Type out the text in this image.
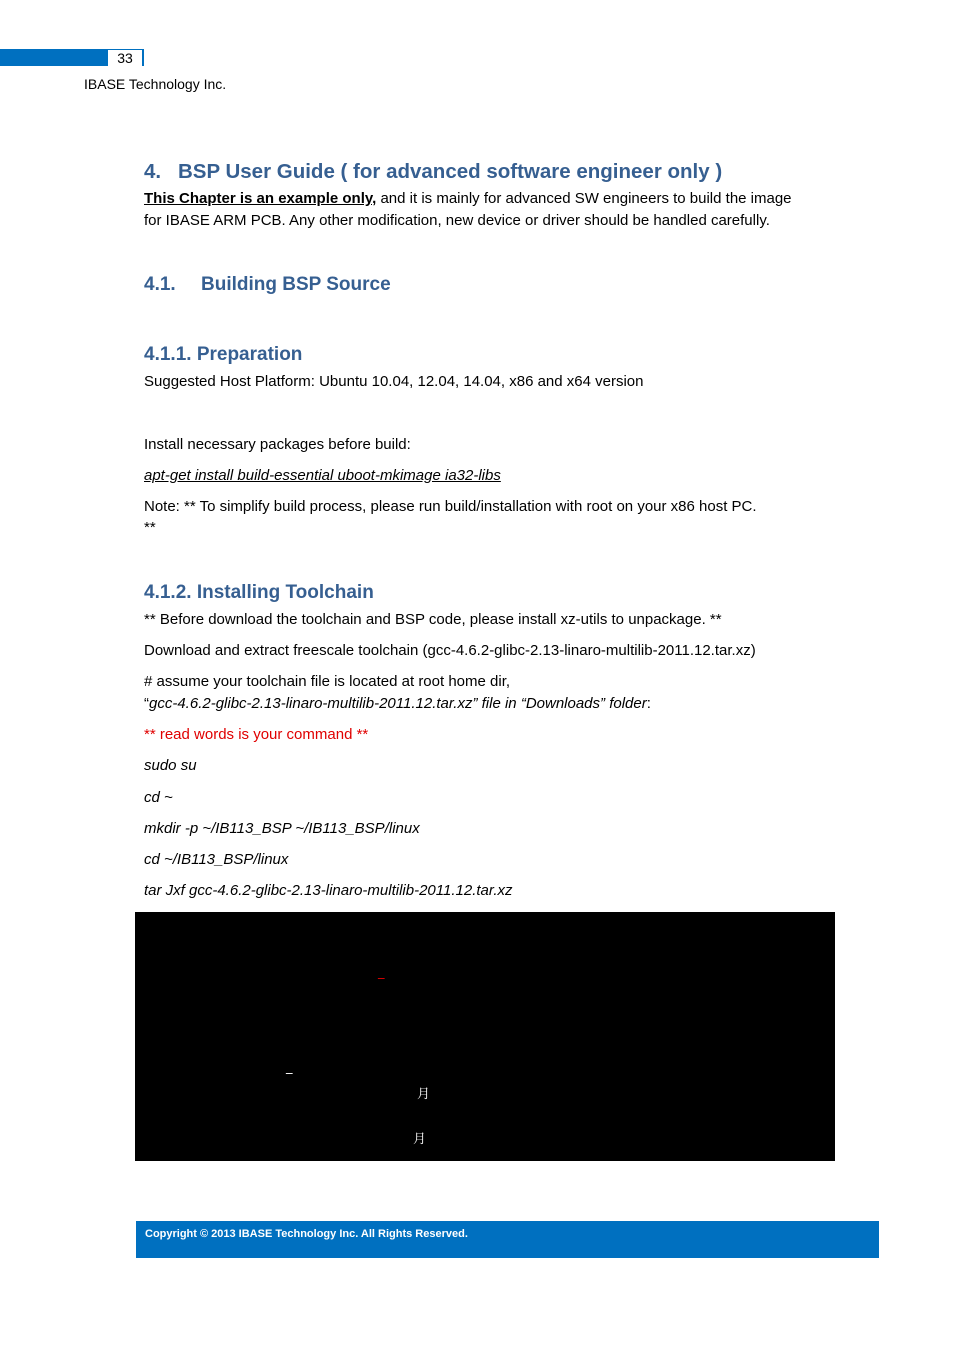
33
IBASE Technology Inc.
4. BSP User Guide ( for advanced software engineer only )
This Chapter is an example only, and it is mainly for advanced SW engineers to build the image
for IBASE ARM PCB. Any other modification, new device or driver should be handled carefully.
4.1. Building BSP Source
4.1.1. Preparation
Suggested Host Platform: Ubuntu 10.04, 12.04, 14.04, x86 and x64 version
Install necessary packages before build:
apt-get install build-essential uboot-mkimage ia32-libs
Note: ** To simplify build process, please run build/installation with root on your x86 host PC.
**
4.1.2. Installing Toolchain
** Before download the toolchain and BSP code, please install xz-utils to unpackage. **
Download and extract freescale toolchain (gcc-4.6.2-glibc-2.13-linaro-multilib-2011.12.tar.xz)
# assume your toolchain file is located at root home dir,
“gcc-4.6.2-glibc-2.13-linaro-multilib-2011.12.tar.xz” file in “Downloads” folder:
** read words is your command **
sudo su
cd ~
mkdir -p ~/IB113_BSP ~/IB113_BSP/linux
cd ~/IB113_BSP/linux
tar Jxf gcc-4.6.2-glibc-2.13-linaro-multilib-2011.12.tar.xz
_
_
月
月
Copyright © 2013 IBASE Technology Inc. All Rights Reserved.
